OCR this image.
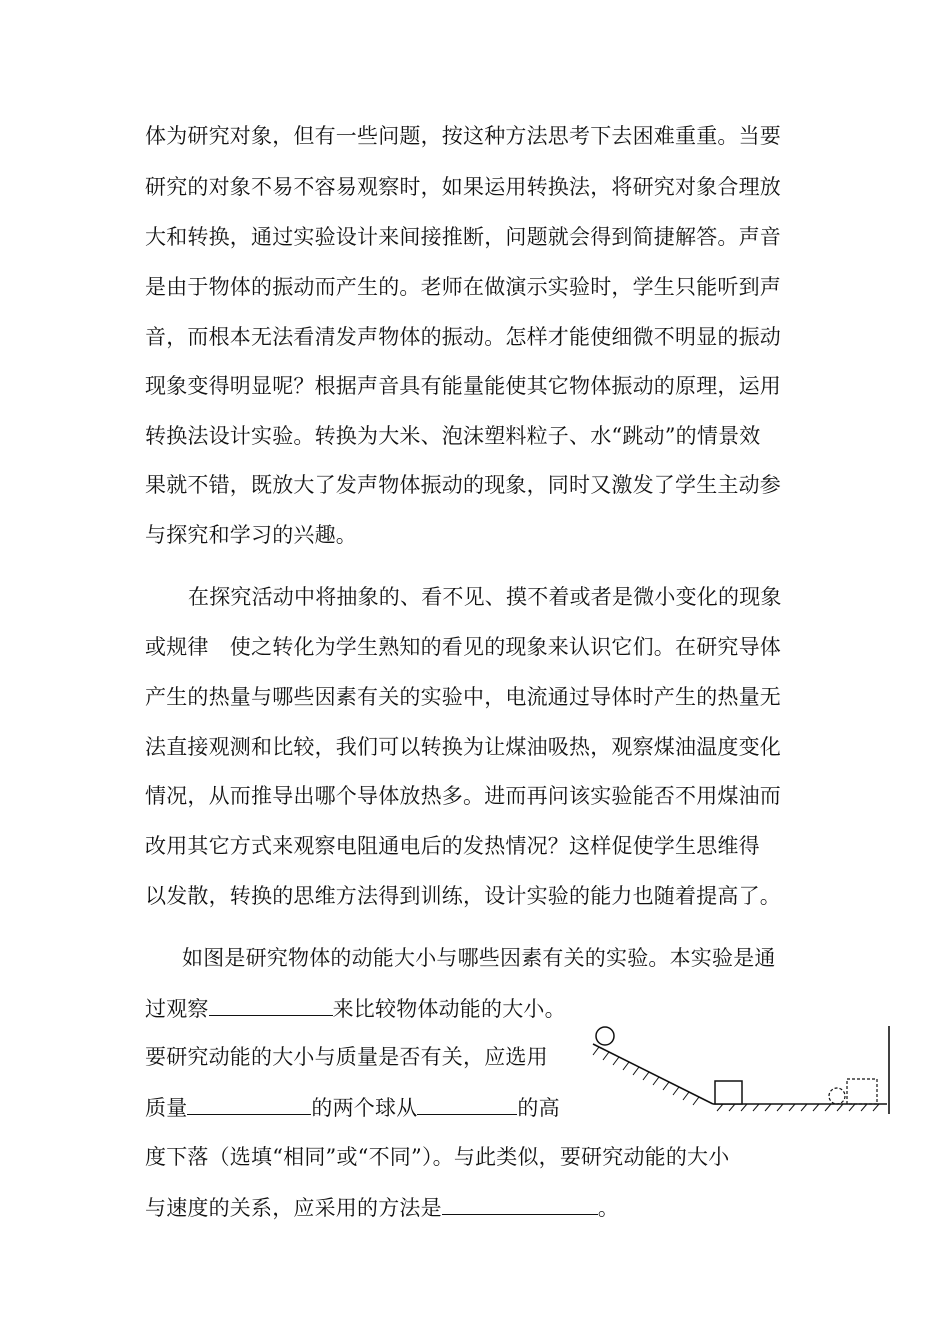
体为研究对象，但有一些问题，按这种方法思考下去困难重重。当要
研究的对象不易不容易观察时，如果运用转换法，将研究对象合理放
大和转换，通过实验设计来间接推断，问题就会得到简捷解答。声音
是由于物体的振动而产生的。老师在做演示实验时，学生只能听到声
音，而根本无法看清发声物体的振动。怎样才能使细微不明显的振动
现象变得明显呢？根据声音具有能量能使其它物体振动的原理，运用
转换法设计实验。转换为大米、泡沫塑料粒子、水“跳动”的情景效
果就不错，既放大了发声物体振动的现象，同时又激发了学生主动参
与探究和学习的兴趣。
在探究活动中将抽象的、看不见、摸不着或者是微小变化的现象
或规律　使之转化为学生熟知的看见的现象来认识它们。在研究导体
产生的热量与哪些因素有关的实验中，电流通过导体时产生的热量无
法直接观测和比较，我们可以转换为让煤油吸热，观察煤油温度变化
情况，从而推导出哪个导体放热多。进而再问该实验能否不用煤油而
改用其它方式来观察电阻通电后的发热情况？这样促使学生思维得
以发散，转换的思维方法得到训练，设计实验的能力也随着提高了。
如图是研究物体的动能大小与哪些因素有关的实验。本实验是通
过观察	来比较物体动能的大小。
要研究动能的大小与质量是否有关，应选用
质量	的两个球从	的高
度下落（选填“相同”或“不同”）。与此类似，要研究动能的大小
与速度的关系，应采用的方法是	。
